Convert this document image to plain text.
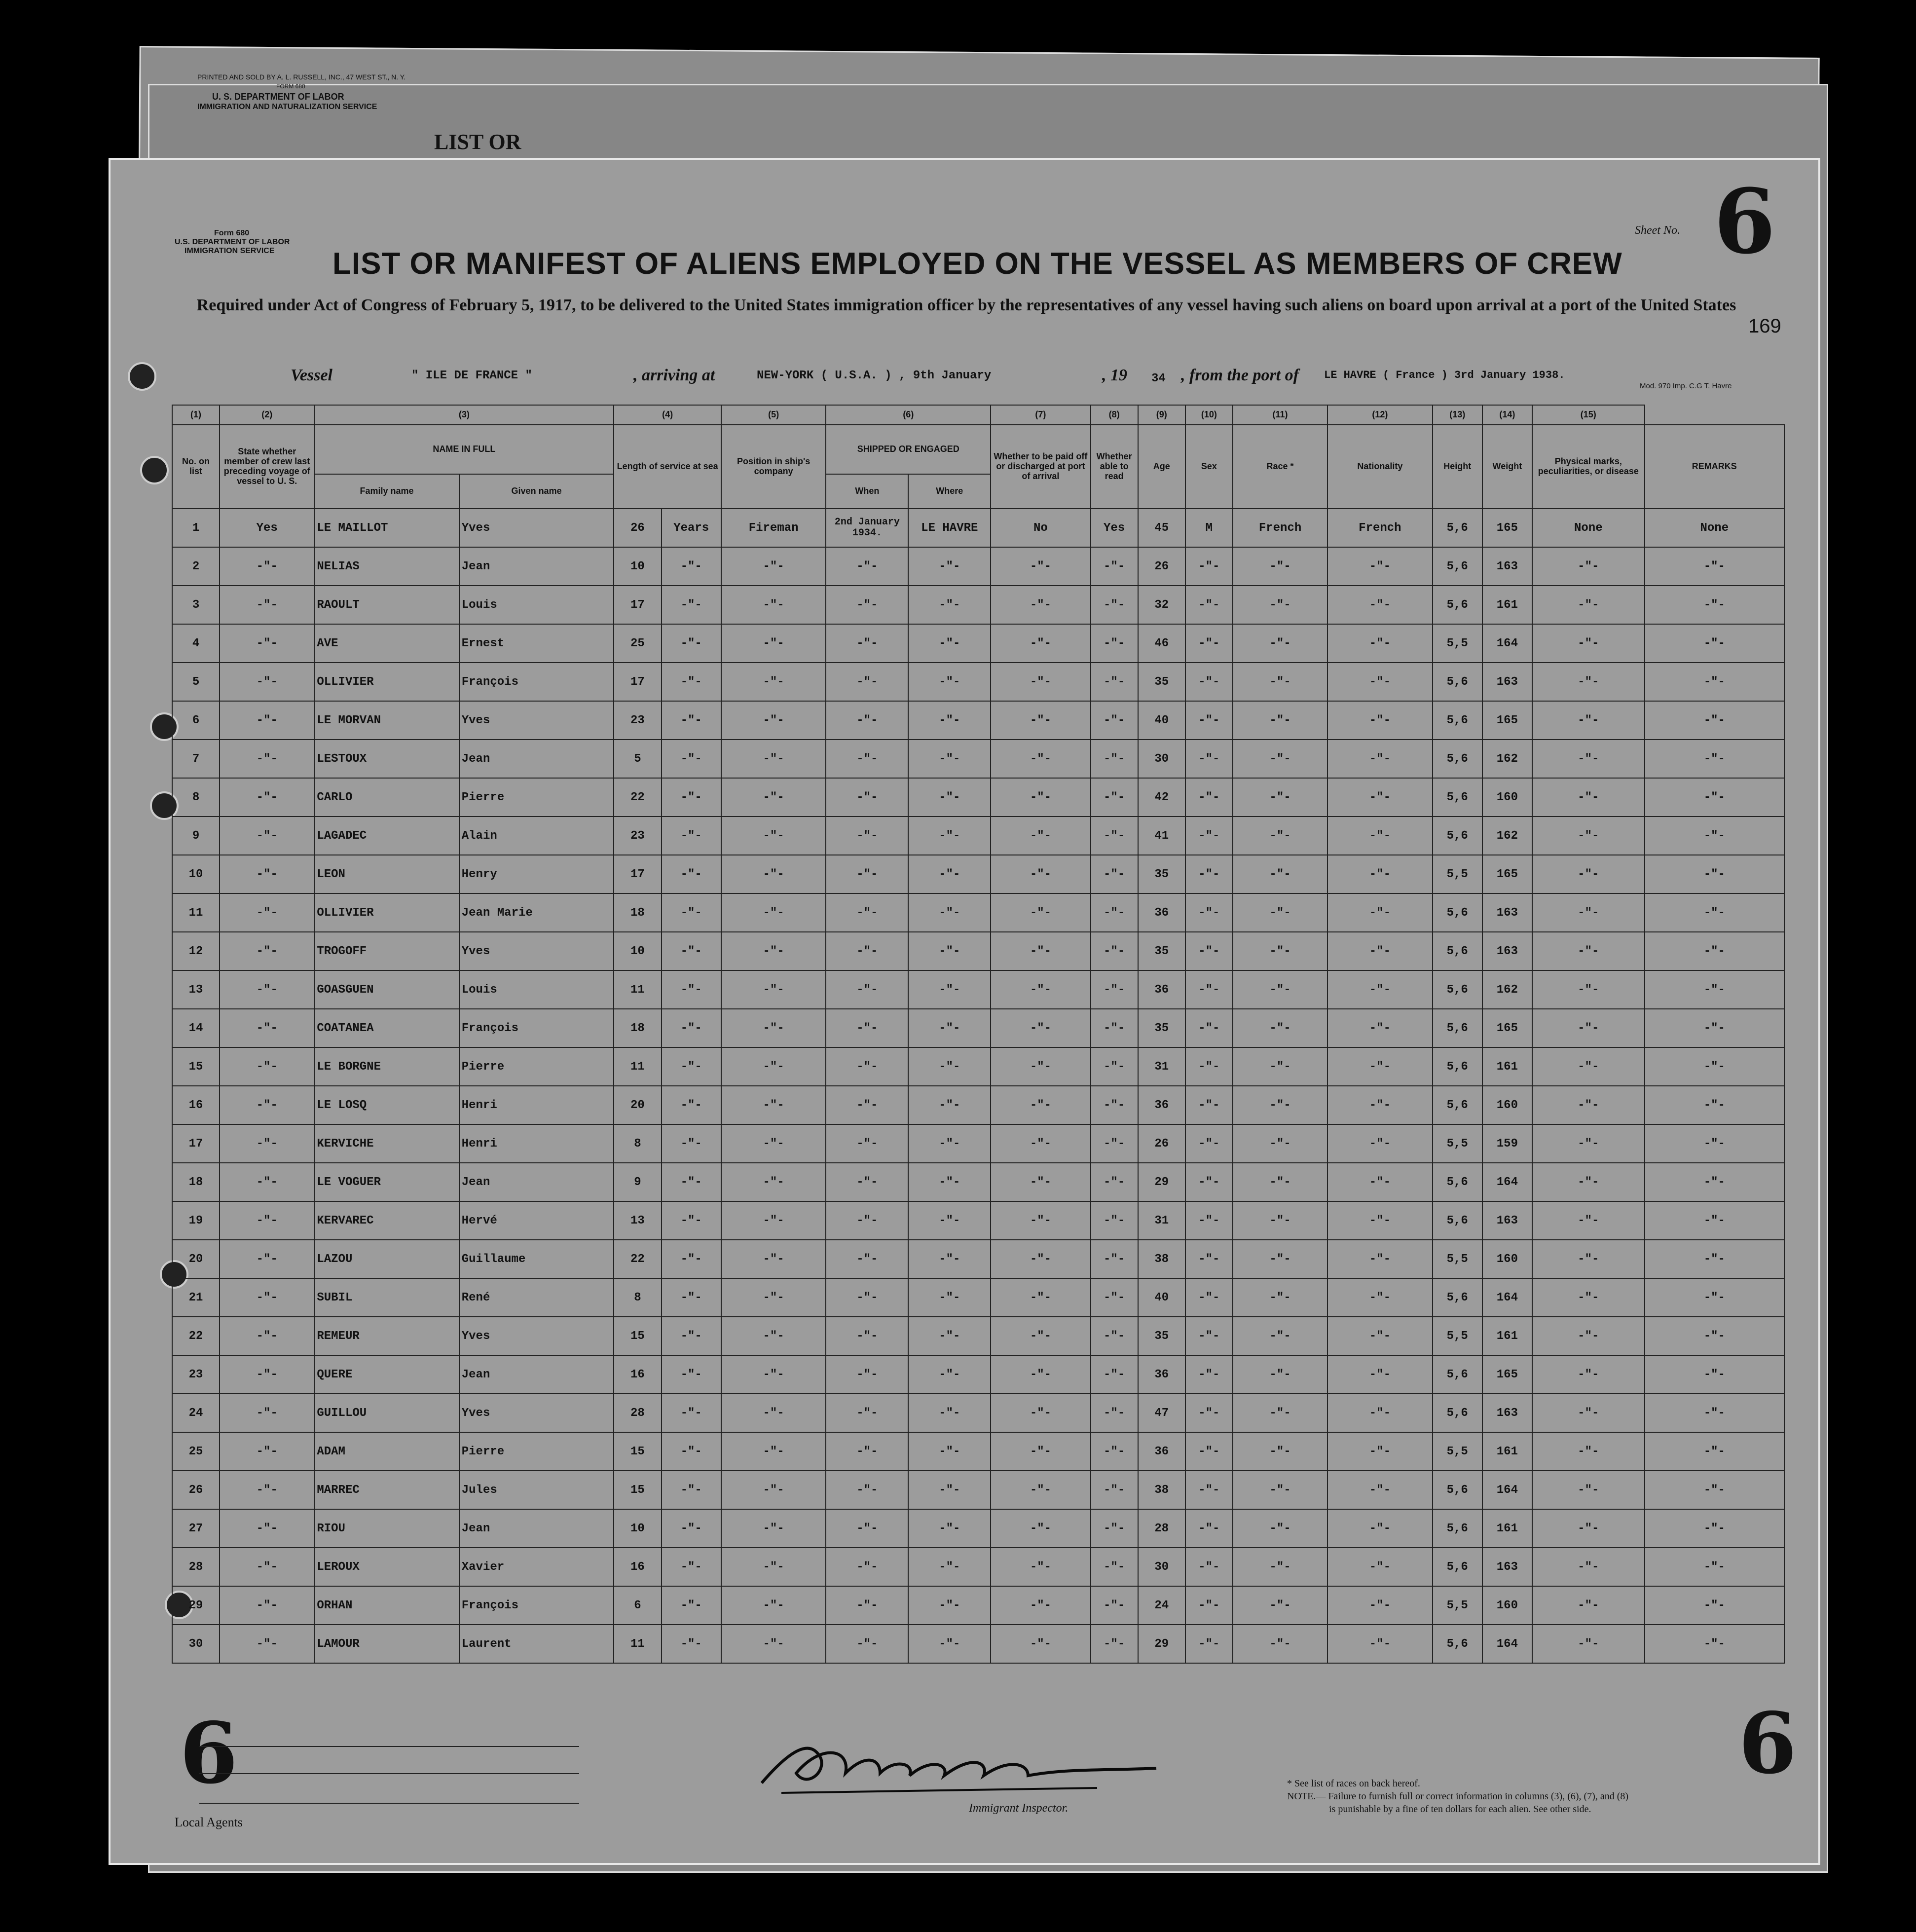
PRINTED AND SOLD BY A. L. RUSSELL, INC., 47 WEST ST., N. Y.
FORM 680
U. S. DEPARTMENT OF LABOR
IMMIGRATION AND NATURALIZATION SERVICE
LIST OR
Form 680
U.S. DEPARTMENT OF LABOR
IMMIGRATION SERVICE
Sheet No. 6
LIST OR MANIFEST OF ALIENS EMPLOYED ON THE VESSEL AS MEMBERS OF CREW
Required under Act of Congress of February 5, 1917, to be delivered to the United States immigration officer by the representatives of any vessel having such aliens on board upon arrival at a port of the United States
169
Vessel	" ILE DE FRANCE "	, arriving at	NEW-YORK ( U.S.A. ) , 9th January	, 19 34 , from the port of LE HAVRE ( France ) 3rd January 1938.
Mod. 970 Imp. C.G T. Havre
(1)	(2)	(3)		(4)		(5)	(6)		(7)	(8)	(9)	(10)	(11)	(12)	(13)	(14)	(15)	
No. on list	State whether member of crew last preceding voyage of vessel to U. S.	NAME IN FULL		Length of service at sea		Position in ship's company	SHIPPED OR ENGAGED		Whether to be paid off or discharged at port of arrival	Whether able to read	Age	Sex	Race *	Nationality	Height	Weight	Physical marks, peculiarities, or disease	REMARKS
		Family name	Given name				When	Where										
1	Yes	LE MAILLOT	Yves	26	Years	Fireman	2nd January 1934.	LE HAVRE	No	Yes	45	M	French	French	5,6	165	None	None
2	-"-	NELIAS	Jean	10	-"-	-"-	-"-	-"-	-"-	-"-	26	-"-	-"-	-"-	5,6	163	-"-	-"-
3	-"-	RAOULT	Louis	17	-"-	-"-	-"-	-"-	-"-	-"-	32	-"-	-"-	-"-	5,6	161	-"-	-"-
4	-"-	AVE	Ernest	25	-"-	-"-	-"-	-"-	-"-	-"-	46	-"-	-"-	-"-	5,5	164	-"-	-"-
5	-"-	OLLIVIER	François	17	-"-	-"-	-"-	-"-	-"-	-"-	35	-"-	-"-	-"-	5,6	163	-"-	-"-
6	-"-	LE MORVAN	Yves	23	-"-	-"-	-"-	-"-	-"-	-"-	40	-"-	-"-	-"-	5,6	165	-"-	-"-
7	-"-	LESTOUX	Jean	5	-"-	-"-	-"-	-"-	-"-	-"-	30	-"-	-"-	-"-	5,6	162	-"-	-"-
8	-"-	CARLO	Pierre	22	-"-	-"-	-"-	-"-	-"-	-"-	42	-"-	-"-	-"-	5,6	160	-"-	-"-
9	-"-	LAGADEC	Alain	23	-"-	-"-	-"-	-"-	-"-	-"-	41	-"-	-"-	-"-	5,6	162	-"-	-"-
10	-"-	LEON	Henry	17	-"-	-"-	-"-	-"-	-"-	-"-	35	-"-	-"-	-"-	5,5	165	-"-	-"-
11	-"-	OLLIVIER	Jean Marie	18	-"-	-"-	-"-	-"-	-"-	-"-	36	-"-	-"-	-"-	5,6	163	-"-	-"-
12	-"-	TROGOFF	Yves	10	-"-	-"-	-"-	-"-	-"-	-"-	35	-"-	-"-	-"-	5,6	163	-"-	-"-
13	-"-	GOASGUEN	Louis	11	-"-	-"-	-"-	-"-	-"-	-"-	36	-"-	-"-	-"-	5,6	162	-"-	-"-
14	-"-	COATANEA	François	18	-"-	-"-	-"-	-"-	-"-	-"-	35	-"-	-"-	-"-	5,6	165	-"-	-"-
15	-"-	LE BORGNE	Pierre	11	-"-	-"-	-"-	-"-	-"-	-"-	31	-"-	-"-	-"-	5,6	161	-"-	-"-
16	-"-	LE LOSQ	Henri	20	-"-	-"-	-"-	-"-	-"-	-"-	36	-"-	-"-	-"-	5,6	160	-"-	-"-
17	-"-	KERVICHE	Henri	8	-"-	-"-	-"-	-"-	-"-	-"-	26	-"-	-"-	-"-	5,5	159	-"-	-"-
18	-"-	LE VOGUER	Jean	9	-"-	-"-	-"-	-"-	-"-	-"-	29	-"-	-"-	-"-	5,6	164	-"-	-"-
19	-"-	KERVAREC	Hervé	13	-"-	-"-	-"-	-"-	-"-	-"-	31	-"-	-"-	-"-	5,6	163	-"-	-"-
20	-"-	LAZOU	Guillaume	22	-"-	-"-	-"-	-"-	-"-	-"-	38	-"-	-"-	-"-	5,5	160	-"-	-"-
21	-"-	SUBIL	René	8	-"-	-"-	-"-	-"-	-"-	-"-	40	-"-	-"-	-"-	5,6	164	-"-	-"-
22	-"-	REMEUR	Yves	15	-"-	-"-	-"-	-"-	-"-	-"-	35	-"-	-"-	-"-	5,5	161	-"-	-"-
23	-"-	QUERE	Jean	16	-"-	-"-	-"-	-"-	-"-	-"-	36	-"-	-"-	-"-	5,6	165	-"-	-"-
24	-"-	GUILLOU	Yves	28	-"-	-"-	-"-	-"-	-"-	-"-	47	-"-	-"-	-"-	5,6	163	-"-	-"-
25	-"-	ADAM	Pierre	15	-"-	-"-	-"-	-"-	-"-	-"-	36	-"-	-"-	-"-	5,5	161	-"-	-"-
26	-"-	MARREC	Jules	15	-"-	-"-	-"-	-"-	-"-	-"-	38	-"-	-"-	-"-	5,6	164	-"-	-"-
27	-"-	RIOU	Jean	10	-"-	-"-	-"-	-"-	-"-	-"-	28	-"-	-"-	-"-	5,6	161	-"-	-"-
28	-"-	LEROUX	Xavier	16	-"-	-"-	-"-	-"-	-"-	-"-	30	-"-	-"-	-"-	5,6	163	-"-	-"-
29	-"-	ORHAN	François	6	-"-	-"-	-"-	-"-	-"-	-"-	24	-"-	-"-	-"-	5,5	160	-"-	-"-
30	-"-	LAMOUR	Laurent	11	-"-	-"-	-"-	-"-	-"-	-"-	29	-"-	-"-	-"-	5,6	164	-"-	-"-
6
Local Agents
Immigrant Inspector.
* See list of races on back hereof.
NOTE.— Failure to furnish full or correct information in columns (3), (6), (7), and (8)
is punishable by a fine of ten dollars for each alien. See other side.
6
